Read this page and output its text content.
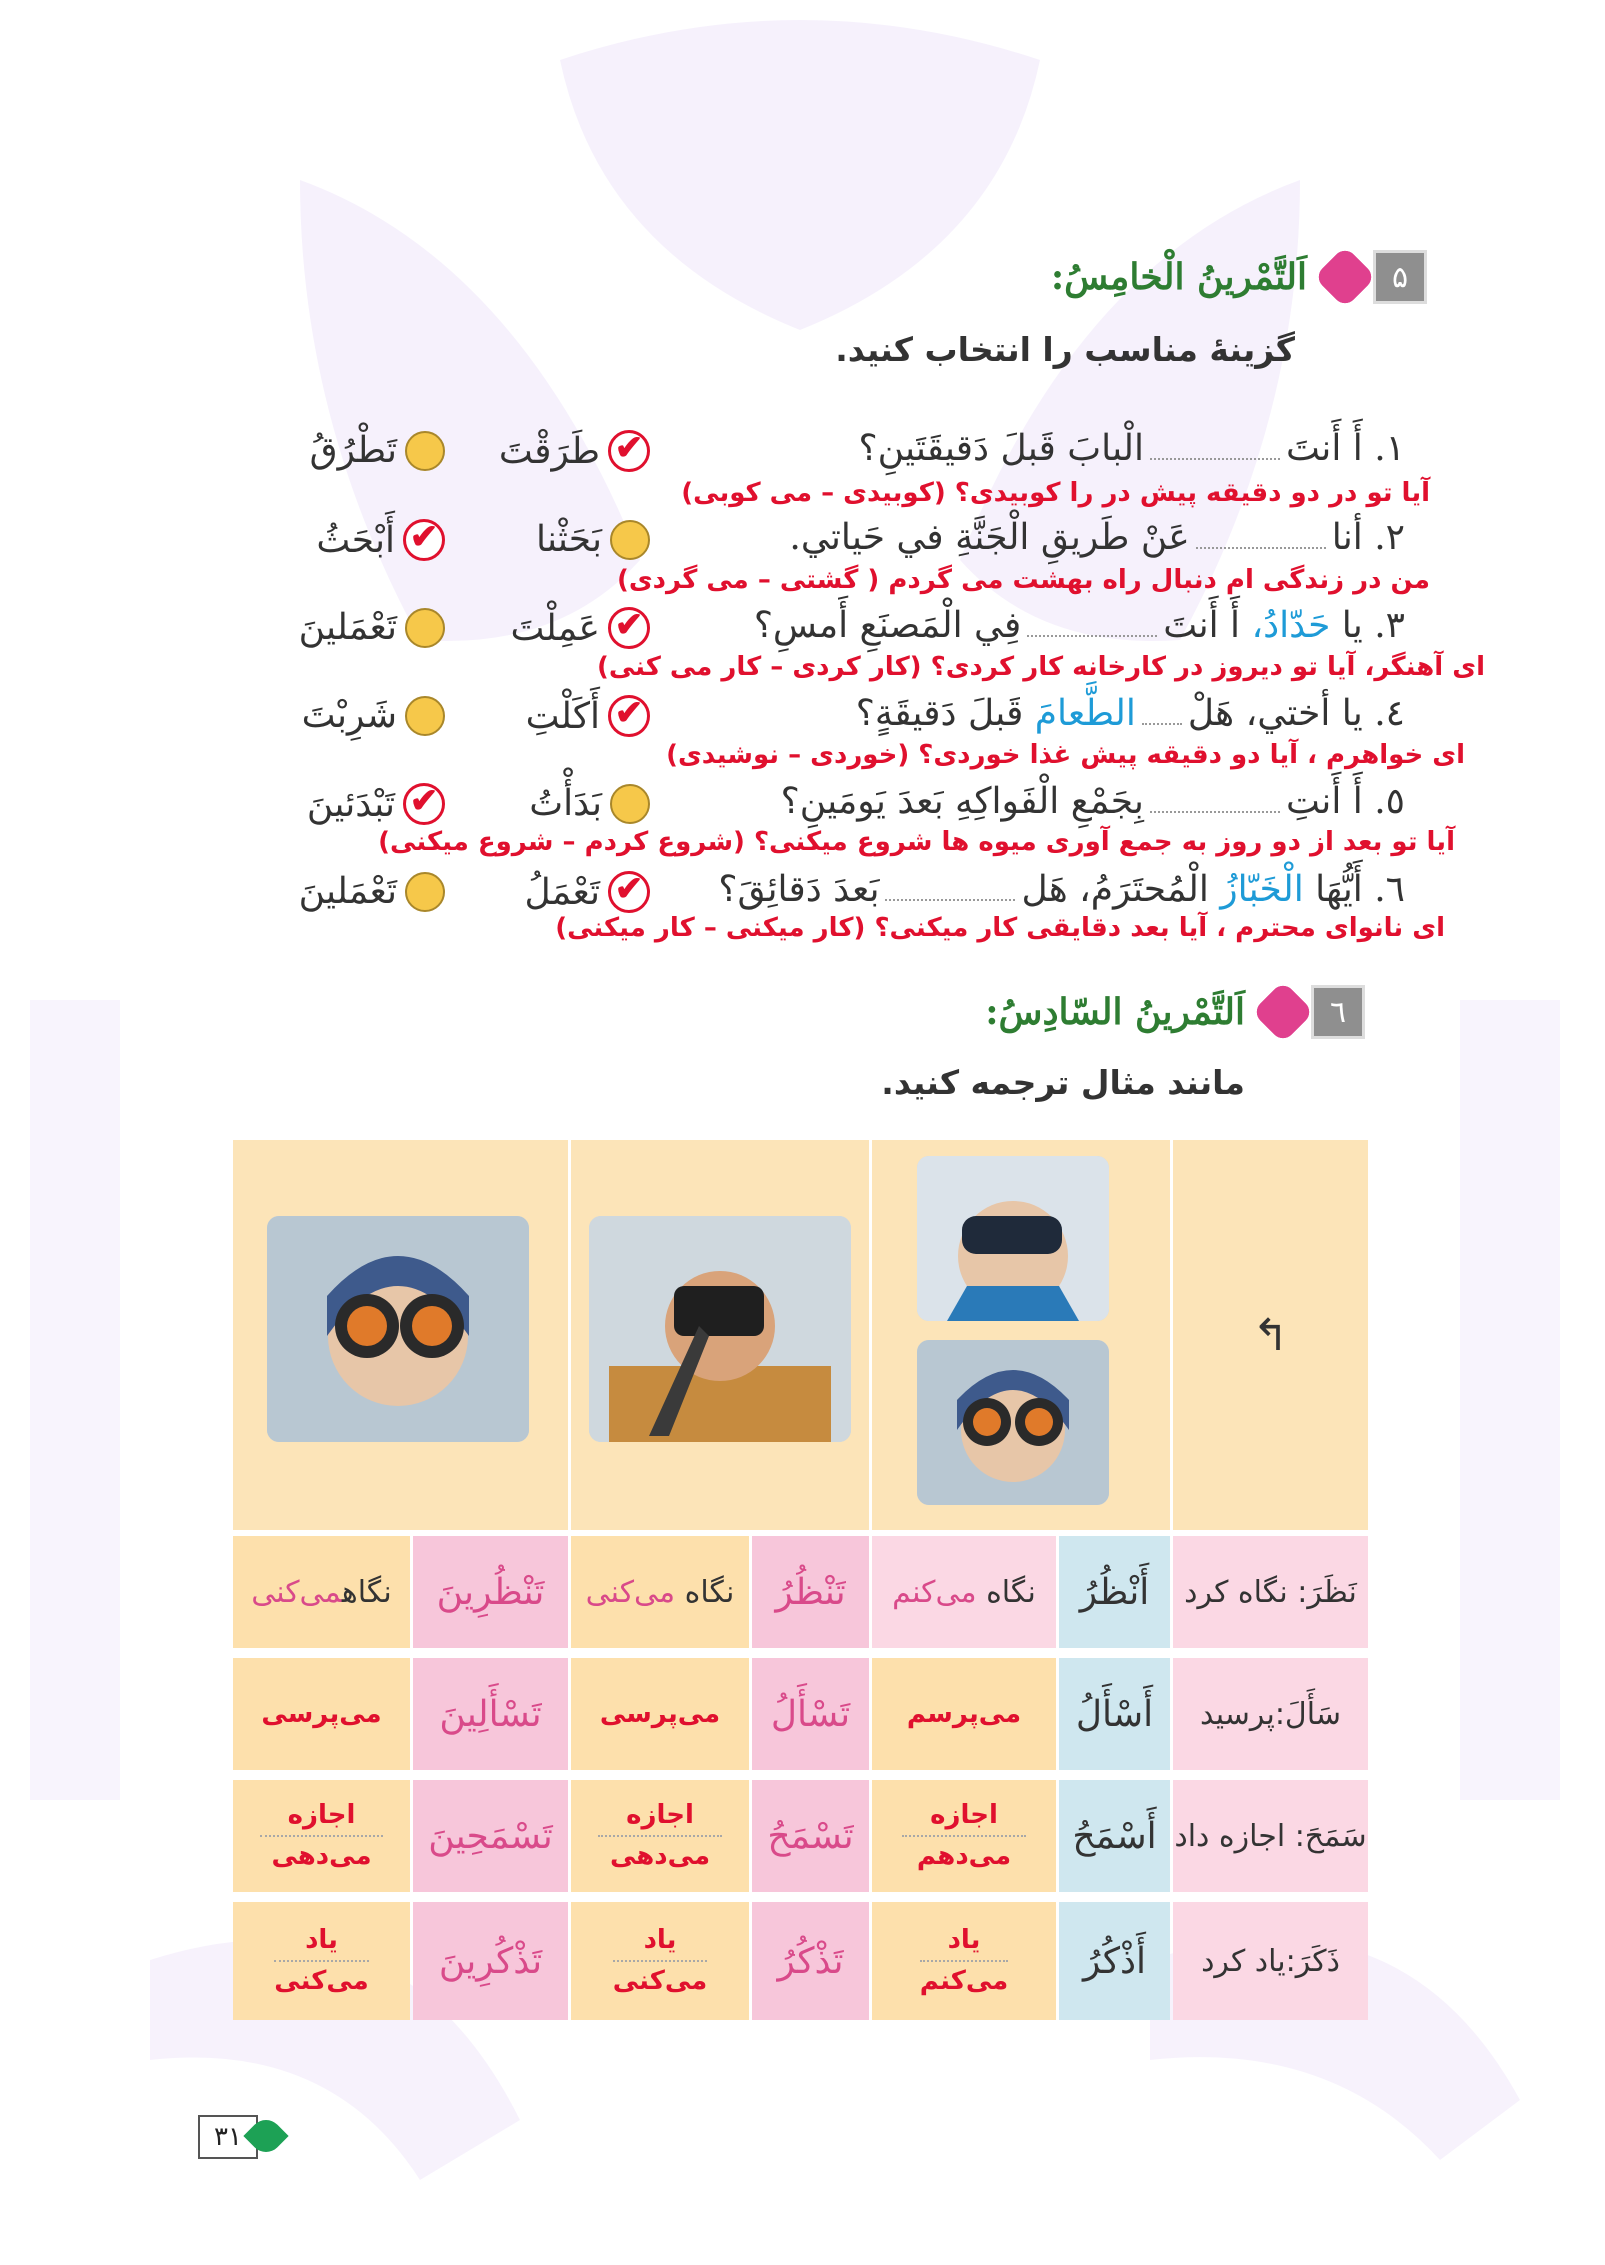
۵
اَلتَّمْرينُ الْخامِسُ:
گزینهٔ مناسب را انتخاب کنید.
١. أَ أَنتَالْبابَ قَبلَ دَقيقَتَينِ؟
آیا تو در دو دقیقه پیش در را کوبیدی؟ (کوبیدی – می کوبی)
✔
طَرَقْتَ
تَطْرُقُ
٢. أناعَنْ طَريقِ الْجَنَّةِ في حَياتي.
من در زندگی ام دنبال راه بهشت می گردم ( گشتی – می گردی)
بَحَثْنا
✔
أَبْحَثُ
٣. يا حَدّادُ، أَ أَنتَفِي الْمَصنَعِ أَمسِ؟
ای آهنگر، آیا تو دیروز در کارخانه کار کردی؟ (کار کردی – کار می کنی)
✔
عَمِلْتَ
تَعْمَلينَ
٤. يا أختي، هَلْالطَّعامَ قَبلَ دَقيقَةٍ؟
ای خواهرم ، آیا دو دقیقه پیش غذا خوردی؟ (خوردی – نوشیدی)
✔
أَكَلْتِ
شَرِبْتَ
٥. أَ أَنتِبِجَمْعِ الْفَواكِهِ بَعدَ يَومَينِ؟
آیا تو بعد از دو روز به جمع آوری میوه ها شروع میکنی؟ (شروع کردم – شروع میکنی)
بَدَأْتُ
✔
تَبْدَئينَ
٦. أَيُّهَا الْخَبّازُ الْمُحتَرَمُ، هَلبَعدَ دَقائِقَ؟
ای نانوای محترم ، آیا بعد دقایقی کار میکنی؟ (کار میکنی – کار میکنی)
✔
تَعْمَلُ
تَعْمَلينَ
٦
اَلتَّمْرينُ السّادِسُ:
مانند مثال ترجمه کنید.
↰
نَظَرَ: نگاه کرد
أَنْظُرُ
نگاه می‌کنم
تَنْظُرُ
نگاه می‌کنی
تَنْظُرِينَ
نگاهمی‌کنی
سَأَلَ:پرسید
أَسْأَلُ
می‌پرسم
تَسْأَلُ
می‌پرسی
تَسْأَلِينَ
می‌پرسی
سَمَحَ: اجازه داد
أَسْمَحُ
اجازه
می‌دهم
تَسْمَحُ
اجازه
می‌دهی
تَسْمَحِينَ
اجازه
می‌دهی
ذَكَرَ:یاد کرد
أَذْكُرُ
یاد
می‌کنم
تَذْكُرُ
یاد
می‌کنی
تَذْكُرِينَ
یاد
می‌کنی
٣١
